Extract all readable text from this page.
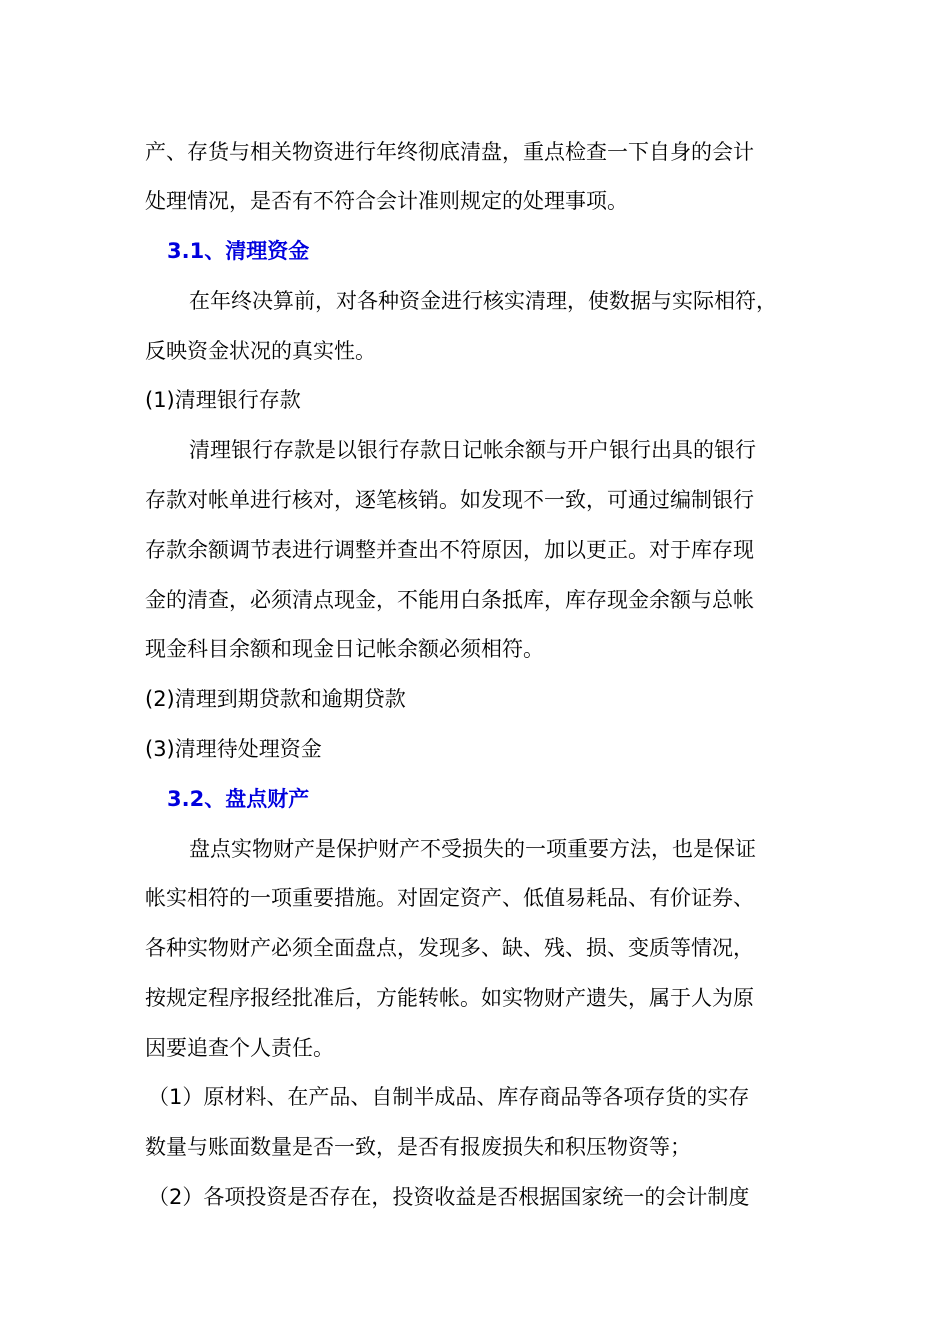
产、存货与相关物资进行年终彻底清盘，重点检查一下自身的会计
处理情况，是否有不符合会计准则规定的处理事项。
3.1、清理资金
在年终决算前，对各种资金进行核实清理，使数据与实际相符，
反映资金状况的真实性。
(1)清理银行存款
清理银行存款是以银行存款日记帐余额与开户银行出具的银行
存款对帐单进行核对，逐笔核销。如发现不一致，可通过编制银行
存款余额调节表进行调整并查出不符原因，加以更正。对于库存现
金的清查，必须清点现金，不能用白条抵库，库存现金余额与总帐
现金科目余额和现金日记帐余额必须相符。
(2)清理到期贷款和逾期贷款
(3)清理待处理资金
3.2、盘点财产
盘点实物财产是保护财产不受损失的一项重要方法，也是保证
帐实相符的一项重要措施。对固定资产、低值易耗品、有价证券、
各种实物财产必须全面盘点，发现多、缺、残、损、变质等情况，
按规定程序报经批准后，方能转帐。如实物财产遗失，属于人为原
因要追查个人责任。
（1）原材料、在产品、自制半成品、库存商品等各项存货的实存
数量与账面数量是否一致，是否有报废损失和积压物资等；
（2）各项投资是否存在，投资收益是否根据国家统一的会计制度
